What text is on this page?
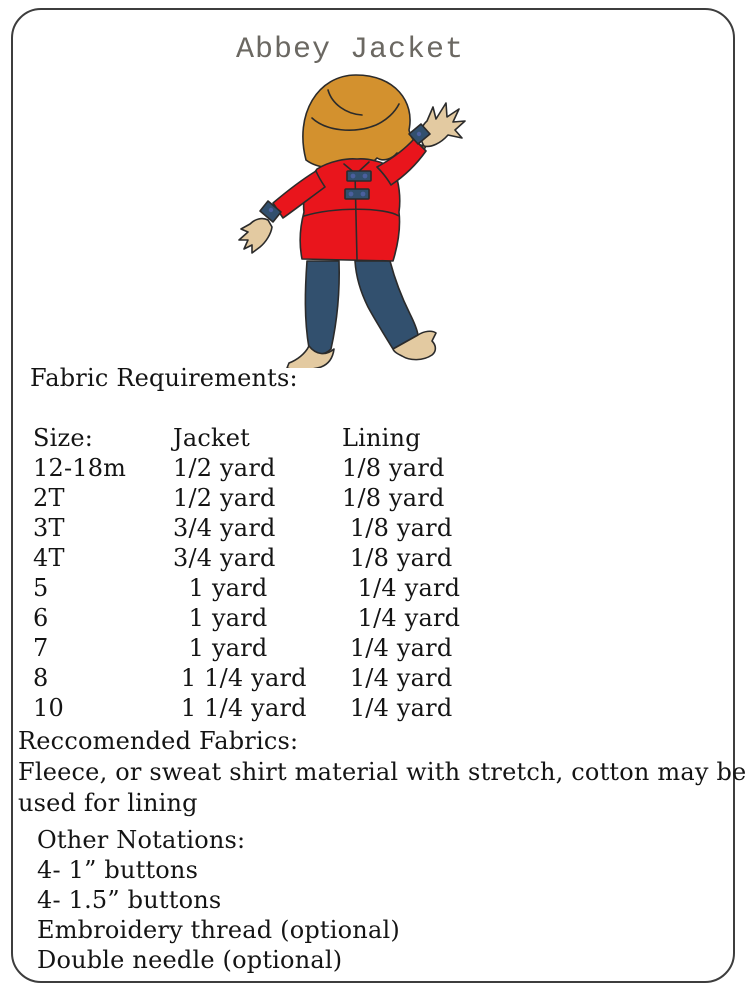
Abbey Jacket
Fabric Requirements:
Size:	Jacket	Lining
12-18m	1/2 yard	1/8 yard
2T	1/2 yard	1/8 yard
3T	3/4 yard	1/8 yard
4T	3/4 yard	1/8 yard
5	1 yard	1/4 yard
6	1 yard	1/4 yard
7	1 yard	1/4 yard
8	1 1/4 yard	1/4 yard
10	1 1/4 yard	1/4 yard
Reccomended Fabrics:
Fleece, or sweat shirt material with stretch, cotton may be
used for lining
Other Notations:
4- 1” buttons
4- 1.5” buttons
Embroidery thread (optional)
Double needle (optional)
